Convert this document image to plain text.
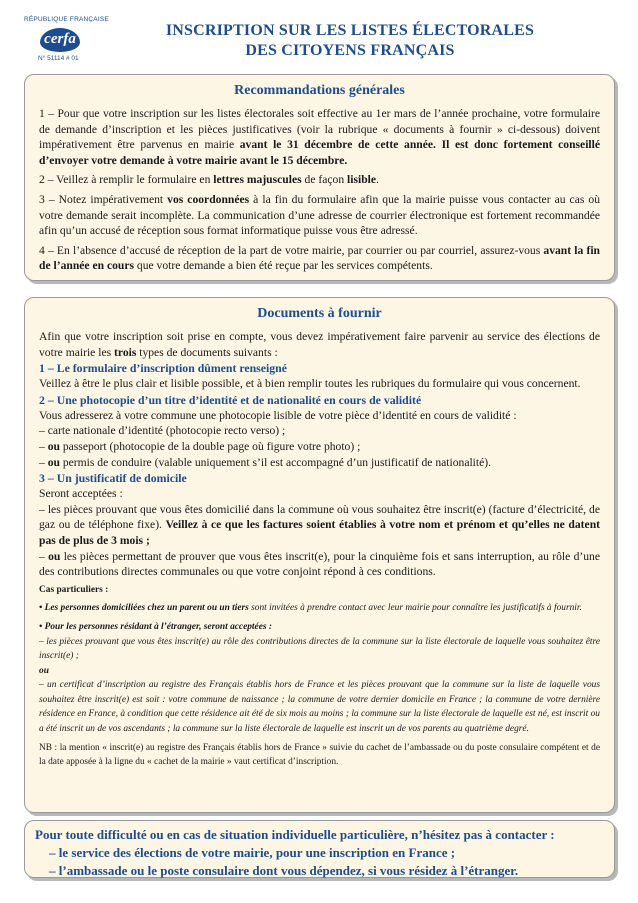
RÉPUBLIQUE FRANÇAISE
cerfa
N° 51114 # 01
INSCRIPTION SUR LES LISTES ÉLECTORALES
DES CITOYENS FRANÇAIS
Recommandations générales

1 – Pour que votre inscription sur les listes électorales soit effective au 1er mars de l’année prochaine, votre formulaire de demande d’inscription et les pièces justificatives (voir la rubrique « documents à fournir » ci-dessous) doivent impérativement être parvenus en mairie avant le 31 décembre de cette année. Il est donc fortement conseillé d’envoyer votre demande à votre mairie avant le 15 décembre.

2 – Veillez à remplir le formulaire en lettres majuscules de façon lisible.

3 – Notez impérativement vos coordonnées à la fin du formulaire afin que la mairie puisse vous contacter au cas où votre demande serait incomplète. La communication d’une adresse de courrier électronique est fortement recommandée afin qu’un accusé de réception sous format informatique puisse vous être adressé.

4 – En l’absence d’accusé de réception de la part de votre mairie, par courrier ou par courriel, assurez-vous avant la fin de l’année en cours que votre demande a bien été reçue par les services compétents.

Documents à fournir

Afin que votre inscription soit prise en compte, vous devez impérativement faire parvenir au service des élections de votre mairie les trois types de documents suivants :

1 – Le formulaire d’inscription dûment renseigné

Veillez à être le plus clair et lisible possible, et à bien remplir toutes les rubriques du formulaire qui vous concernent.

2 – Une photocopie d’un titre d’identité et de nationalité en cours de validité

Vous adresserez à votre commune une photocopie lisible de votre pièce d’identité en cours de validité :

– carte nationale d’identité (photocopie recto verso) ;

– ou passeport (photocopie de la double page où figure votre photo) ;

– ou permis de conduire (valable uniquement s’il est accompagné d’un justificatif de nationalité).

3 – Un justificatif de domicile

Seront acceptées :

– les pièces prouvant que vous êtes domicilié dans la commune où vous souhaitez être inscrit(e) (facture d’électricité, de gaz ou de téléphone fixe). Veillez à ce que les factures soient établies à votre nom et prénom et qu’elles ne datent pas de plus de 3 mois ;

– ou les pièces permettant de prouver que vous êtes inscrit(e), pour la cinquième fois et sans interruption, au rôle d’une des contributions directes communales ou que votre conjoint répond à ces conditions.

Cas particuliers :

• Les personnes domiciliées chez un parent ou un tiers sont invitées à prendre contact avec leur mairie pour connaître les justificatifs à fournir.

• Pour les personnes résidant à l’étranger, seront acceptées :

– les pièces prouvant que vous êtes inscrit(e) au rôle des contributions directes de la commune sur la liste électorale de laquelle vous souhaitez être inscrit(e) ;

ou

– un certificat d’inscription au registre des Français établis hors de France et les pièces prouvant que la commune sur la liste de laquelle vous souhaitez être inscrit(e) est soit : votre commune de naissance ; la commune de votre dernier domicile en France ; la commune de votre dernière résidence en France, à condition que cette résidence ait été de six mois au moins ; la commune sur la liste électorale de laquelle est né, est inscrit ou a été inscrit un de vos ascendants ; la commune sur la liste électorale de laquelle est inscrit un de vos parents au quatrième degré.

NB : la mention « inscrit(e) au registre des Français établis hors de France » suivie du cachet de l’ambassade ou du poste consulaire compétent et de la date apposée à la ligne du « cachet de la mairie » vaut certificat d’inscription.

Pour toute difficulté ou en cas de situation individuelle particulière, n’hésitez pas à contacter :
– le service des élections de votre mairie, pour une inscription en France ;
– l’ambassade ou le poste consulaire dont vous dépendez, si vous résidez à l’étranger.
